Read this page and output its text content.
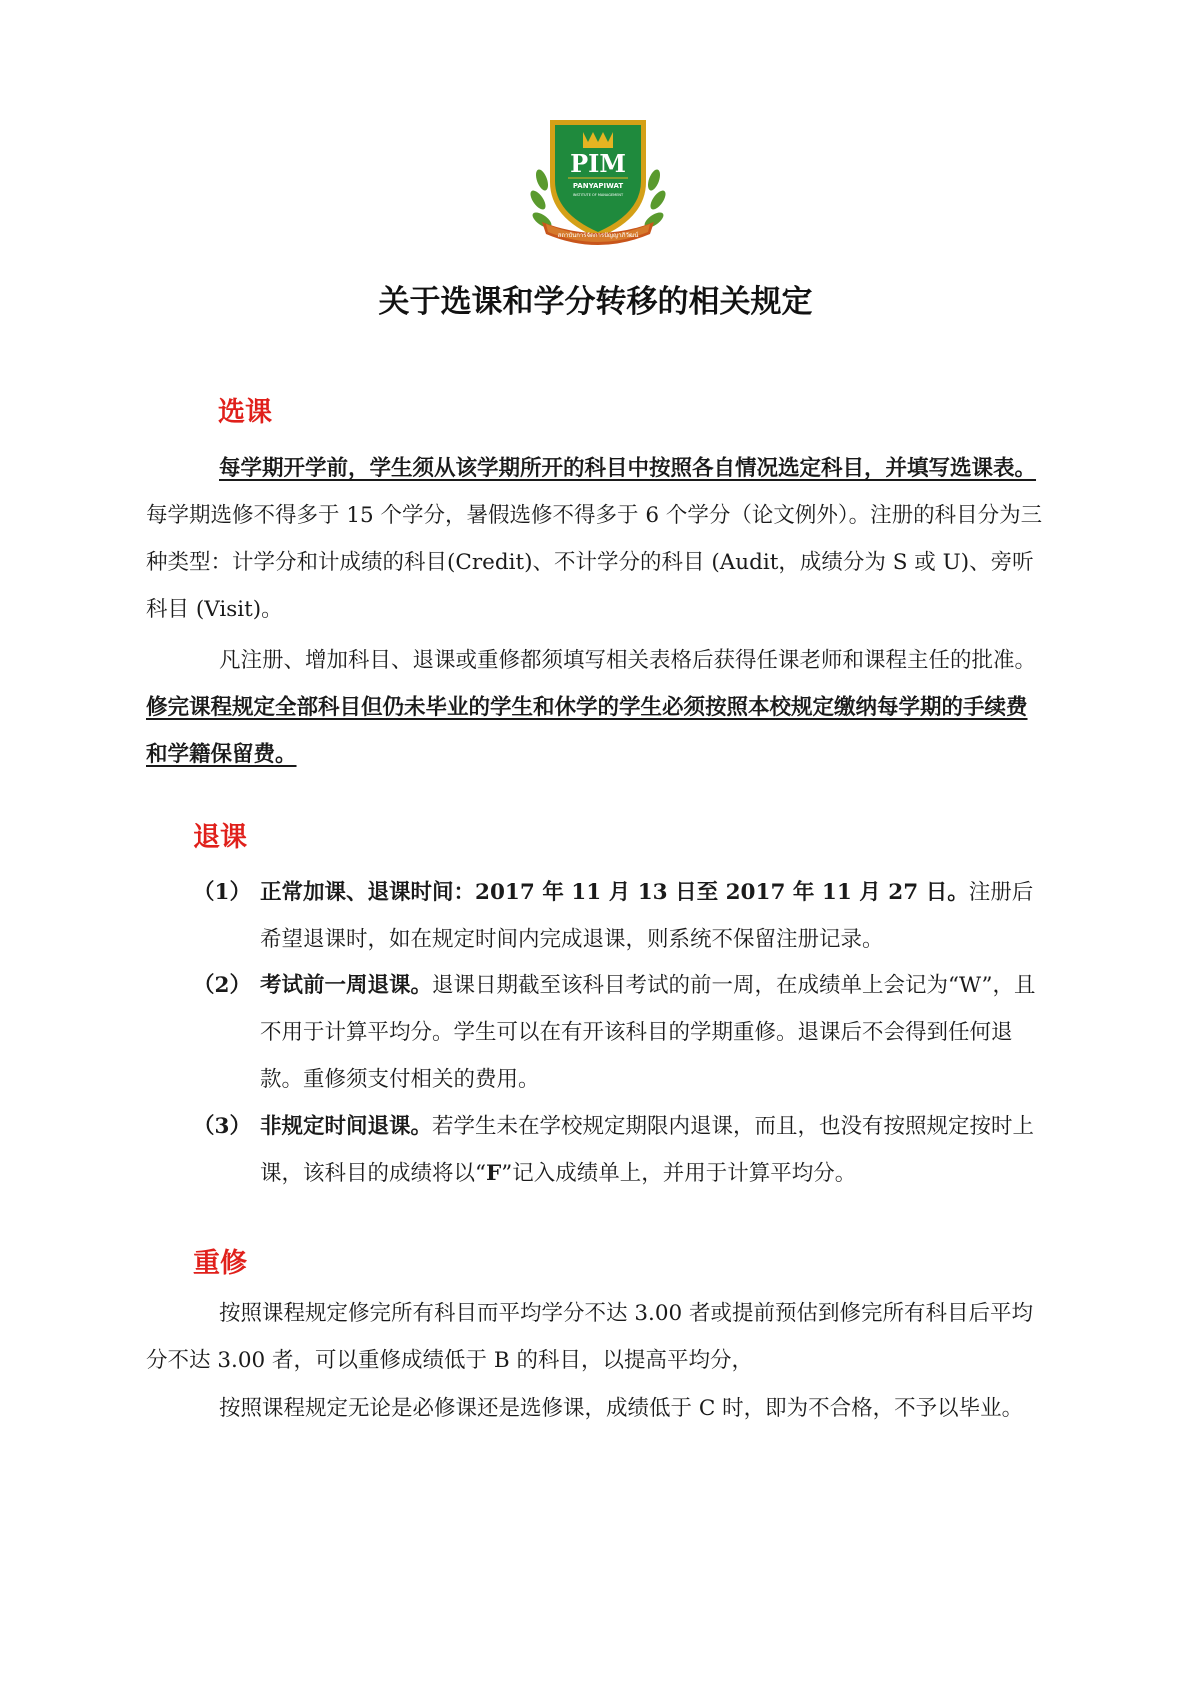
PIM
PANYAPIWAT
INSTITUTE OF MANAGEMENT
สถาบันการจัดการปัญญาภิวัฒน์
关于选课和学分转移的相关规定
选课

每学期开学前，学生须从该学期所开的科目中按照各自情况选定科目，并填写选课表。每学期选修不得多于 15 个学分，暑假选修不得多于 6 个学分（论文例外）。注册的科目分为三种类型：计学分和计成绩的科目(Credit)、不计学分的科目 (Audit，成绩分为 S 或 U)、旁听科目 (Visit)。

凡注册、增加科目、退课或重修都须填写相关表格后获得任课老师和课程主任的批准。修完课程规定全部科目但仍未毕业的学生和休学的学生必须按照本校规定缴纳每学期的手续费和学籍保留费。

退课
（1） 正常加课、退课时间：2017 年 11 月 13 日至 2017 年 11 月 27 日。注册后希望退课时，如在规定时间内完成退课，则系统不保留注册记录。
（2） 考试前一周退课。退课日期截至该科目考试的前一周，在成绩单上会记为“W”，且不用于计算平均分。学生可以在有开该科目的学期重修。退课后不会得到任何退款。重修须支付相关的费用。
（3） 非规定时间退课。若学生未在学校规定期限内退课，而且，也没有按照规定按时上课，该科目的成绩将以“F”记入成绩单上，并用于计算平均分。
重修

按照课程规定修完所有科目而平均学分不达 3.00 者或提前预估到修完所有科目后平均分不达 3.00 者，可以重修成绩低于 B 的科目，以提高平均分，

按照课程规定无论是必修课还是选修课，成绩低于 C 时，即为不合格，不予以毕业。
